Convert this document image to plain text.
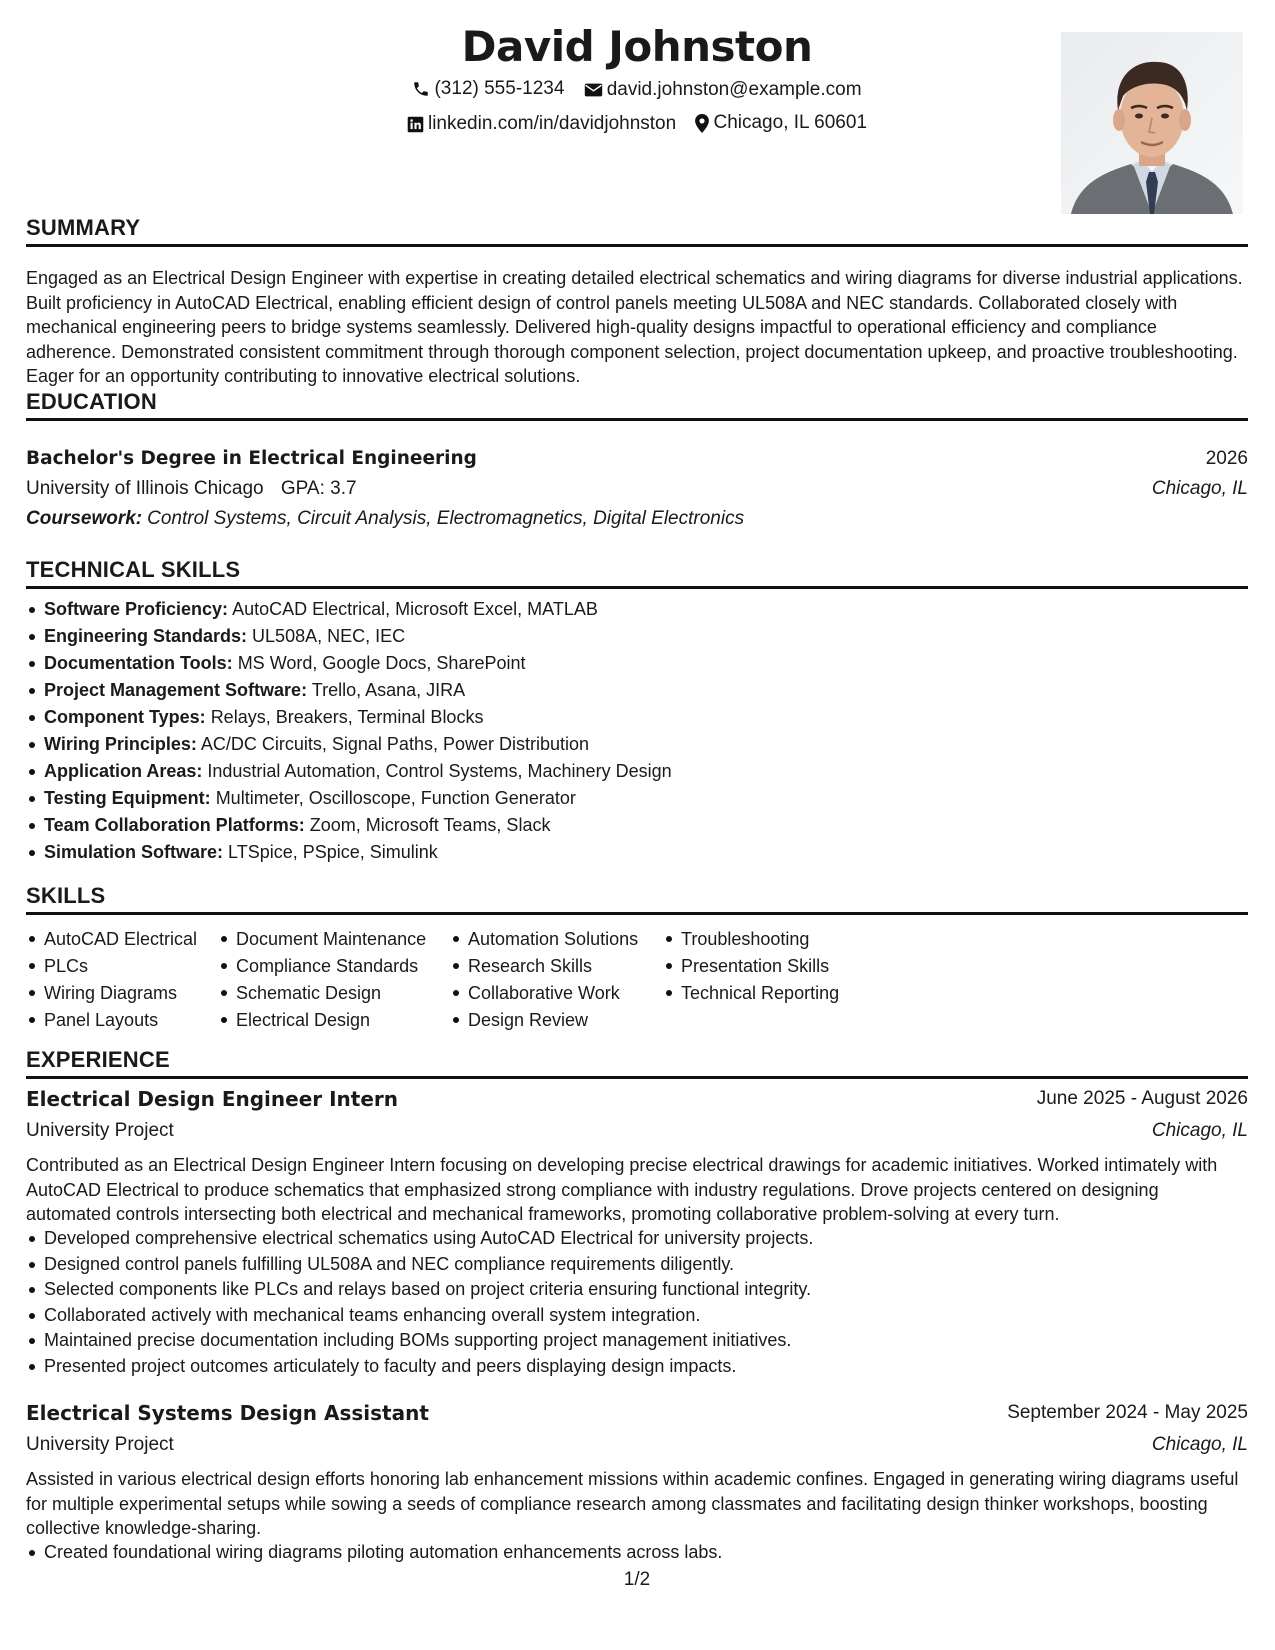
David Johnston
(312) 555-1234
david.johnston@example.com
linkedin.com/in/davidjohnston
Chicago, IL 60601
SUMMARY

Engaged as an Electrical Design Engineer with expertise in creating detailed electrical schematics and wiring diagrams for diverse industrial applications. Built proficiency in AutoCAD Electrical, enabling efficient design of control panels meeting UL508A and NEC standards. Collaborated closely with mechanical engineering peers to bridge systems seamlessly. Delivered high-quality designs impactful to operational efficiency and compliance adherence. Demonstrated consistent commitment through thorough component selection, project documentation upkeep, and proactive troubleshooting. Eager for an opportunity contributing to innovative electrical solutions.

EDUCATION
Bachelor's Degree in Electrical Engineering	2026
University of Illinois Chicago GPA: 3.7	Chicago, IL
Coursework: Control Systems, Circuit Analysis, Electromagnetics, Digital Electronics
TECHNICAL SKILLS
Software Proficiency: AutoCAD Electrical, Microsoft Excel, MATLAB
Engineering Standards: UL508A, NEC, IEC
Documentation Tools: MS Word, Google Docs, SharePoint
Project Management Software: Trello, Asana, JIRA
Component Types: Relays, Breakers, Terminal Blocks
Wiring Principles: AC/DC Circuits, Signal Paths, Power Distribution
Application Areas: Industrial Automation, Control Systems, Machinery Design
Testing Equipment: Multimeter, Oscilloscope, Function Generator
Team Collaboration Platforms: Zoom, Microsoft Teams, Slack
Simulation Software: LTSpice, PSpice, Simulink
SKILLS
AutoCAD Electrical
PLCs
Wiring Diagrams
Panel Layouts
Document Maintenance
Compliance Standards
Schematic Design
Electrical Design
Automation Solutions
Research Skills
Collaborative Work
Design Review
Troubleshooting
Presentation Skills
Technical Reporting
EXPERIENCE
Electrical Design Engineer Intern	June 2025 - August 2026
University Project	Chicago, IL

Contributed as an Electrical Design Engineer Intern focusing on developing precise electrical drawings for academic initiatives. Worked intimately with AutoCAD Electrical to produce schematics that emphasized strong compliance with industry regulations. Drove projects centered on designing automated controls intersecting both electrical and mechanical frameworks, promoting collaborative problem-solving at every turn.

Developed comprehensive electrical schematics using AutoCAD Electrical for university projects.
Designed control panels fulfilling UL508A and NEC compliance requirements diligently.
Selected components like PLCs and relays based on project criteria ensuring functional integrity.
Collaborated actively with mechanical teams enhancing overall system integration.
Maintained precise documentation including BOMs supporting project management initiatives.
Presented project outcomes articulately to faculty and peers displaying design impacts.
Electrical Systems Design Assistant	September 2024 - May 2025
University Project	Chicago, IL

Assisted in various electrical design efforts honoring lab enhancement missions within academic confines. Engaged in generating wiring diagrams useful for multiple experimental setups while sowing a seeds of compliance research among classmates and facilitating design thinker workshops, boosting collective knowledge-sharing.

Created foundational wiring diagrams piloting automation enhancements across labs.
1/2
